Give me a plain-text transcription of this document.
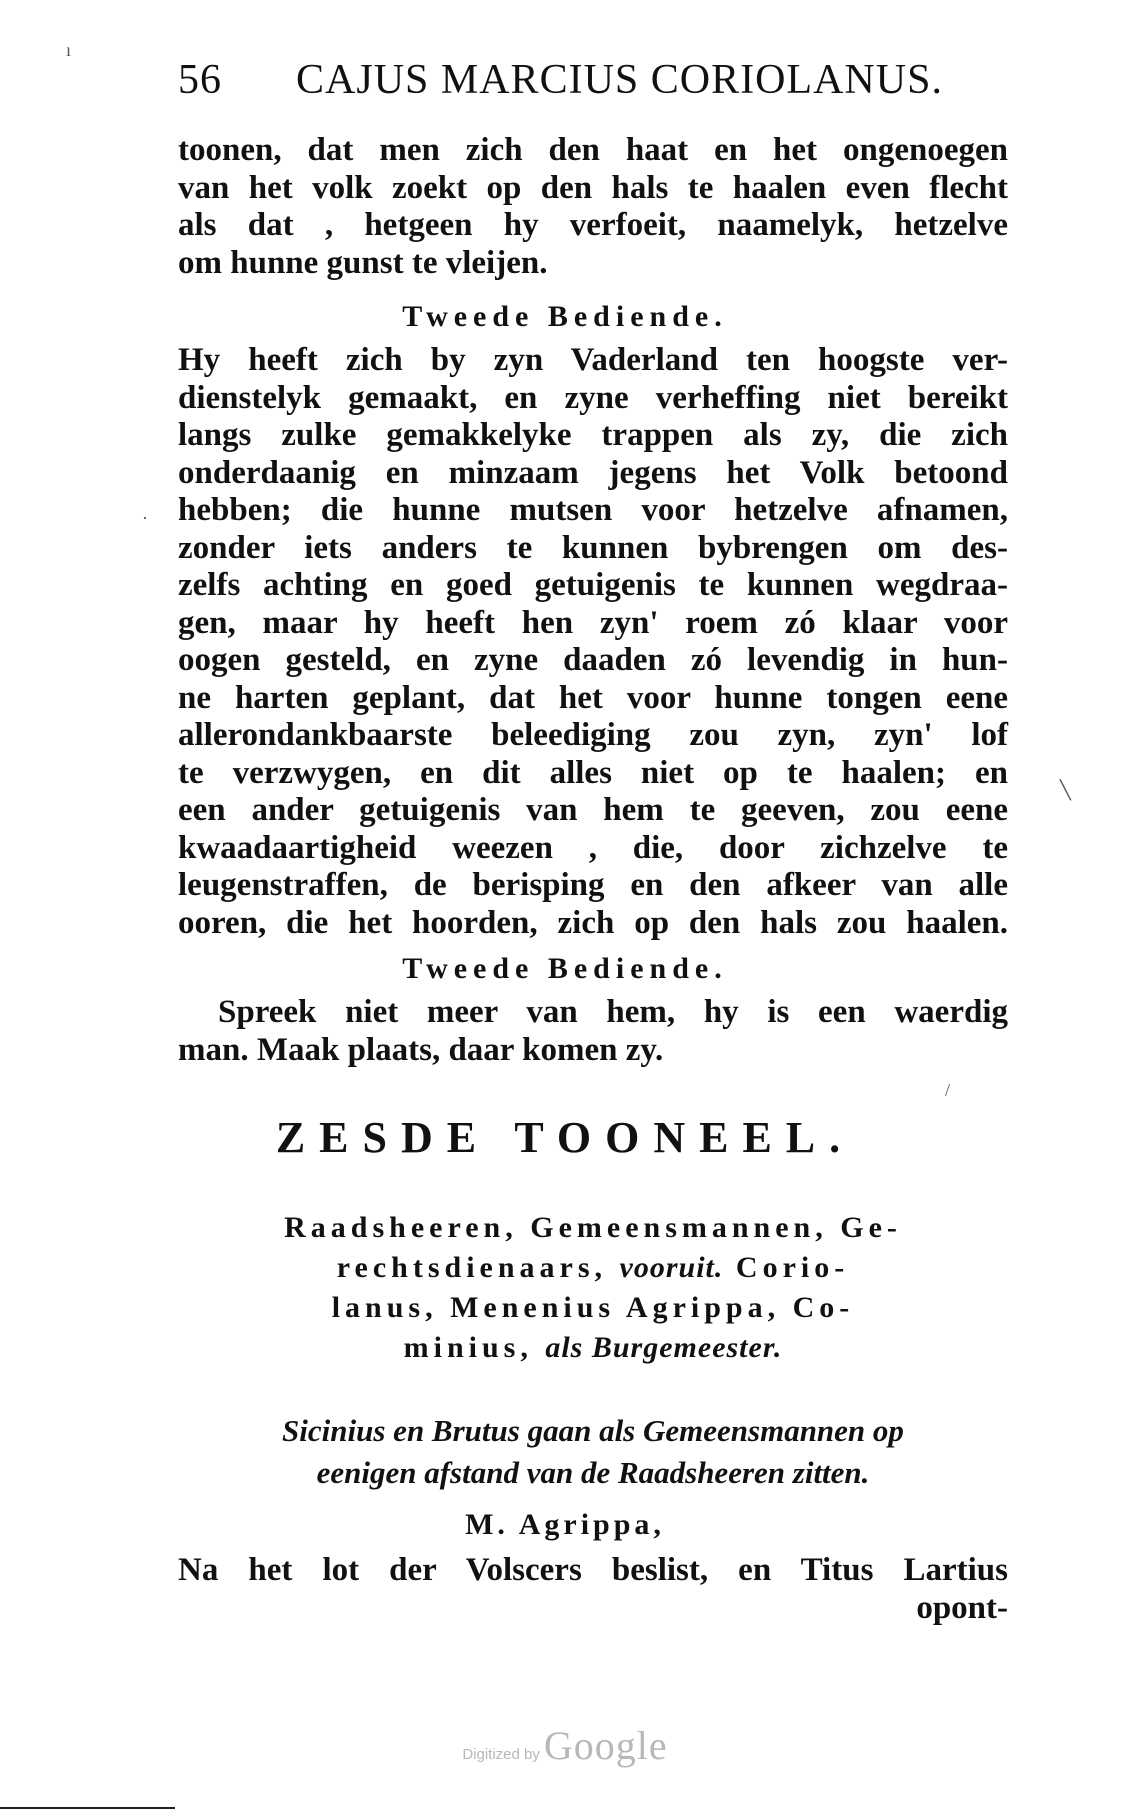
56 CAJUS MARCIUS CORIOLANUS.
toonen, dat men zich den haat en het ongenoegen
van het volk zoekt op den hals te haalen even flecht
als dat , hetgeen hy verfoeit, naamelyk, hetzelve
om hunne gunst te vleijen.
Tweede Bediende.
Hy heeft zich by zyn Vaderland ten hoogste ver-
dienstelyk gemaakt, en zyne verheffing niet bereikt
langs zulke gemakkelyke trappen als zy, die zich
onderdaanig en minzaam jegens het Volk betoond
hebben; die hunne mutsen voor hetzelve afnamen,
zonder iets anders te kunnen bybrengen om des-
zelfs achting en goed getuigenis te kunnen wegdraa-
gen, maar hy heeft hen zyn' roem zó klaar voor
oogen gesteld, en zyne daaden zó levendig in hun-
ne harten geplant, dat het voor hunne tongen eene
allerondankbaarste beleediging zou zyn, zyn' lof
te verzwygen, en dit alles niet op te haalen; en
een ander getuigenis van hem te geeven, zou eene
kwaadaartigheid weezen , die, door zichzelve te
leugenstraffen, de berisping en den afkeer van alle
ooren, die het hoorden, zich op den hals zou haalen.
Tweede Bediende.
Spreek niet meer van hem, hy is een waerdig
man. Maak plaats, daar komen zy.
ZESDE TOONEEL.
Raadsheeren, Gemeensmannen, Ge-
rechtsdienaars, vooruit. Corio-
lanus, Menenius Agrippa, Co-
minius, als Burgemeester.
Sicinius en Brutus gaan als Gemeensmannen op
eenigen afstand van de Raadsheeren zitten.
M. Agrippa,
Na het lot der Volscers beslist, en Titus Lartius
opont-
Digitized by Google
ı
·
╲
/
